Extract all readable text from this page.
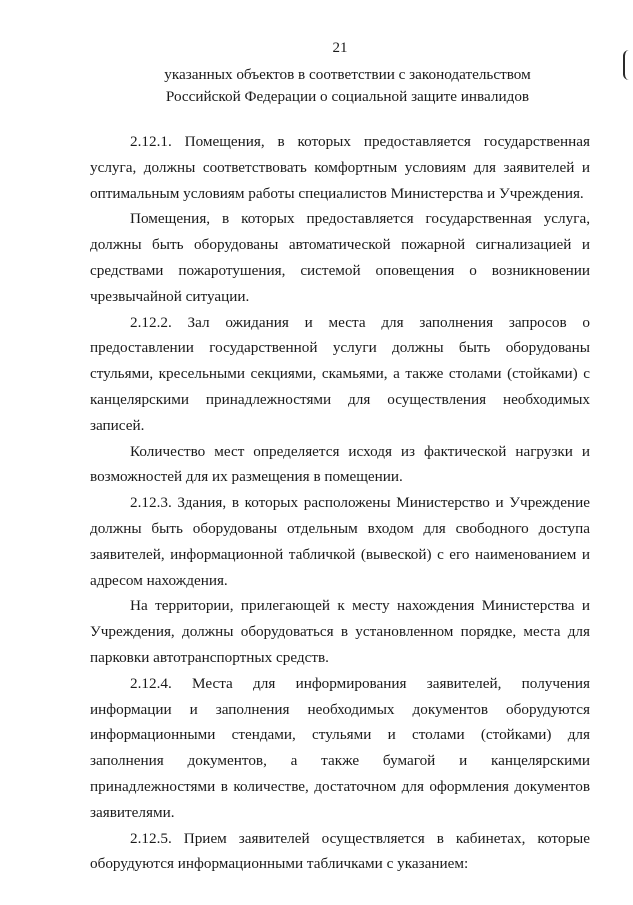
21
указанных объектов в соответствии с законодательством
Российской Федерации о социальной защите инвалидов

2.12.1. Помещения, в которых предоставляется государственная услуга, должны соответствовать комфортным условиям для заявителей и оптимальным условиям работы специалистов Министерства и Учреждения.

Помещения, в которых предоставляется государственная услуга, должны быть оборудованы автоматической пожарной сигнализацией и средствами пожаротушения, системой оповещения о возникновении чрезвычайной ситуации.

2.12.2. Зал ожидания и места для заполнения запросов о предоставлении государственной услуги должны быть оборудованы стульями, кресельными секциями, скамьями, а также столами (стойками) с канцелярскими принадлежностями для осуществления необходимых записей.

Количество мест определяется исходя из фактической нагрузки и возможностей для их размещения в помещении.

2.12.3. Здания, в которых расположены Министерство и Учреждение должны быть оборудованы отдельным входом для свободного доступа заявителей, информационной табличкой (вывеской) с его наименованием и адресом нахождения.

На территории, прилегающей к месту нахождения Министерства и Учреждения, должны оборудоваться в установленном порядке, места для парковки автотранспортных средств.

2.12.4. Места для информирования заявителей, получения информации и заполнения необходимых документов оборудуются информационными стендами, стульями и столами (стойками) для заполнения документов, а также бумагой и канцелярскими принадлежностями в количестве, достаточном для оформления документов заявителями.

2.12.5. Прием заявителей осуществляется в кабинетах, которые оборудуются информационными табличками с указанием:
